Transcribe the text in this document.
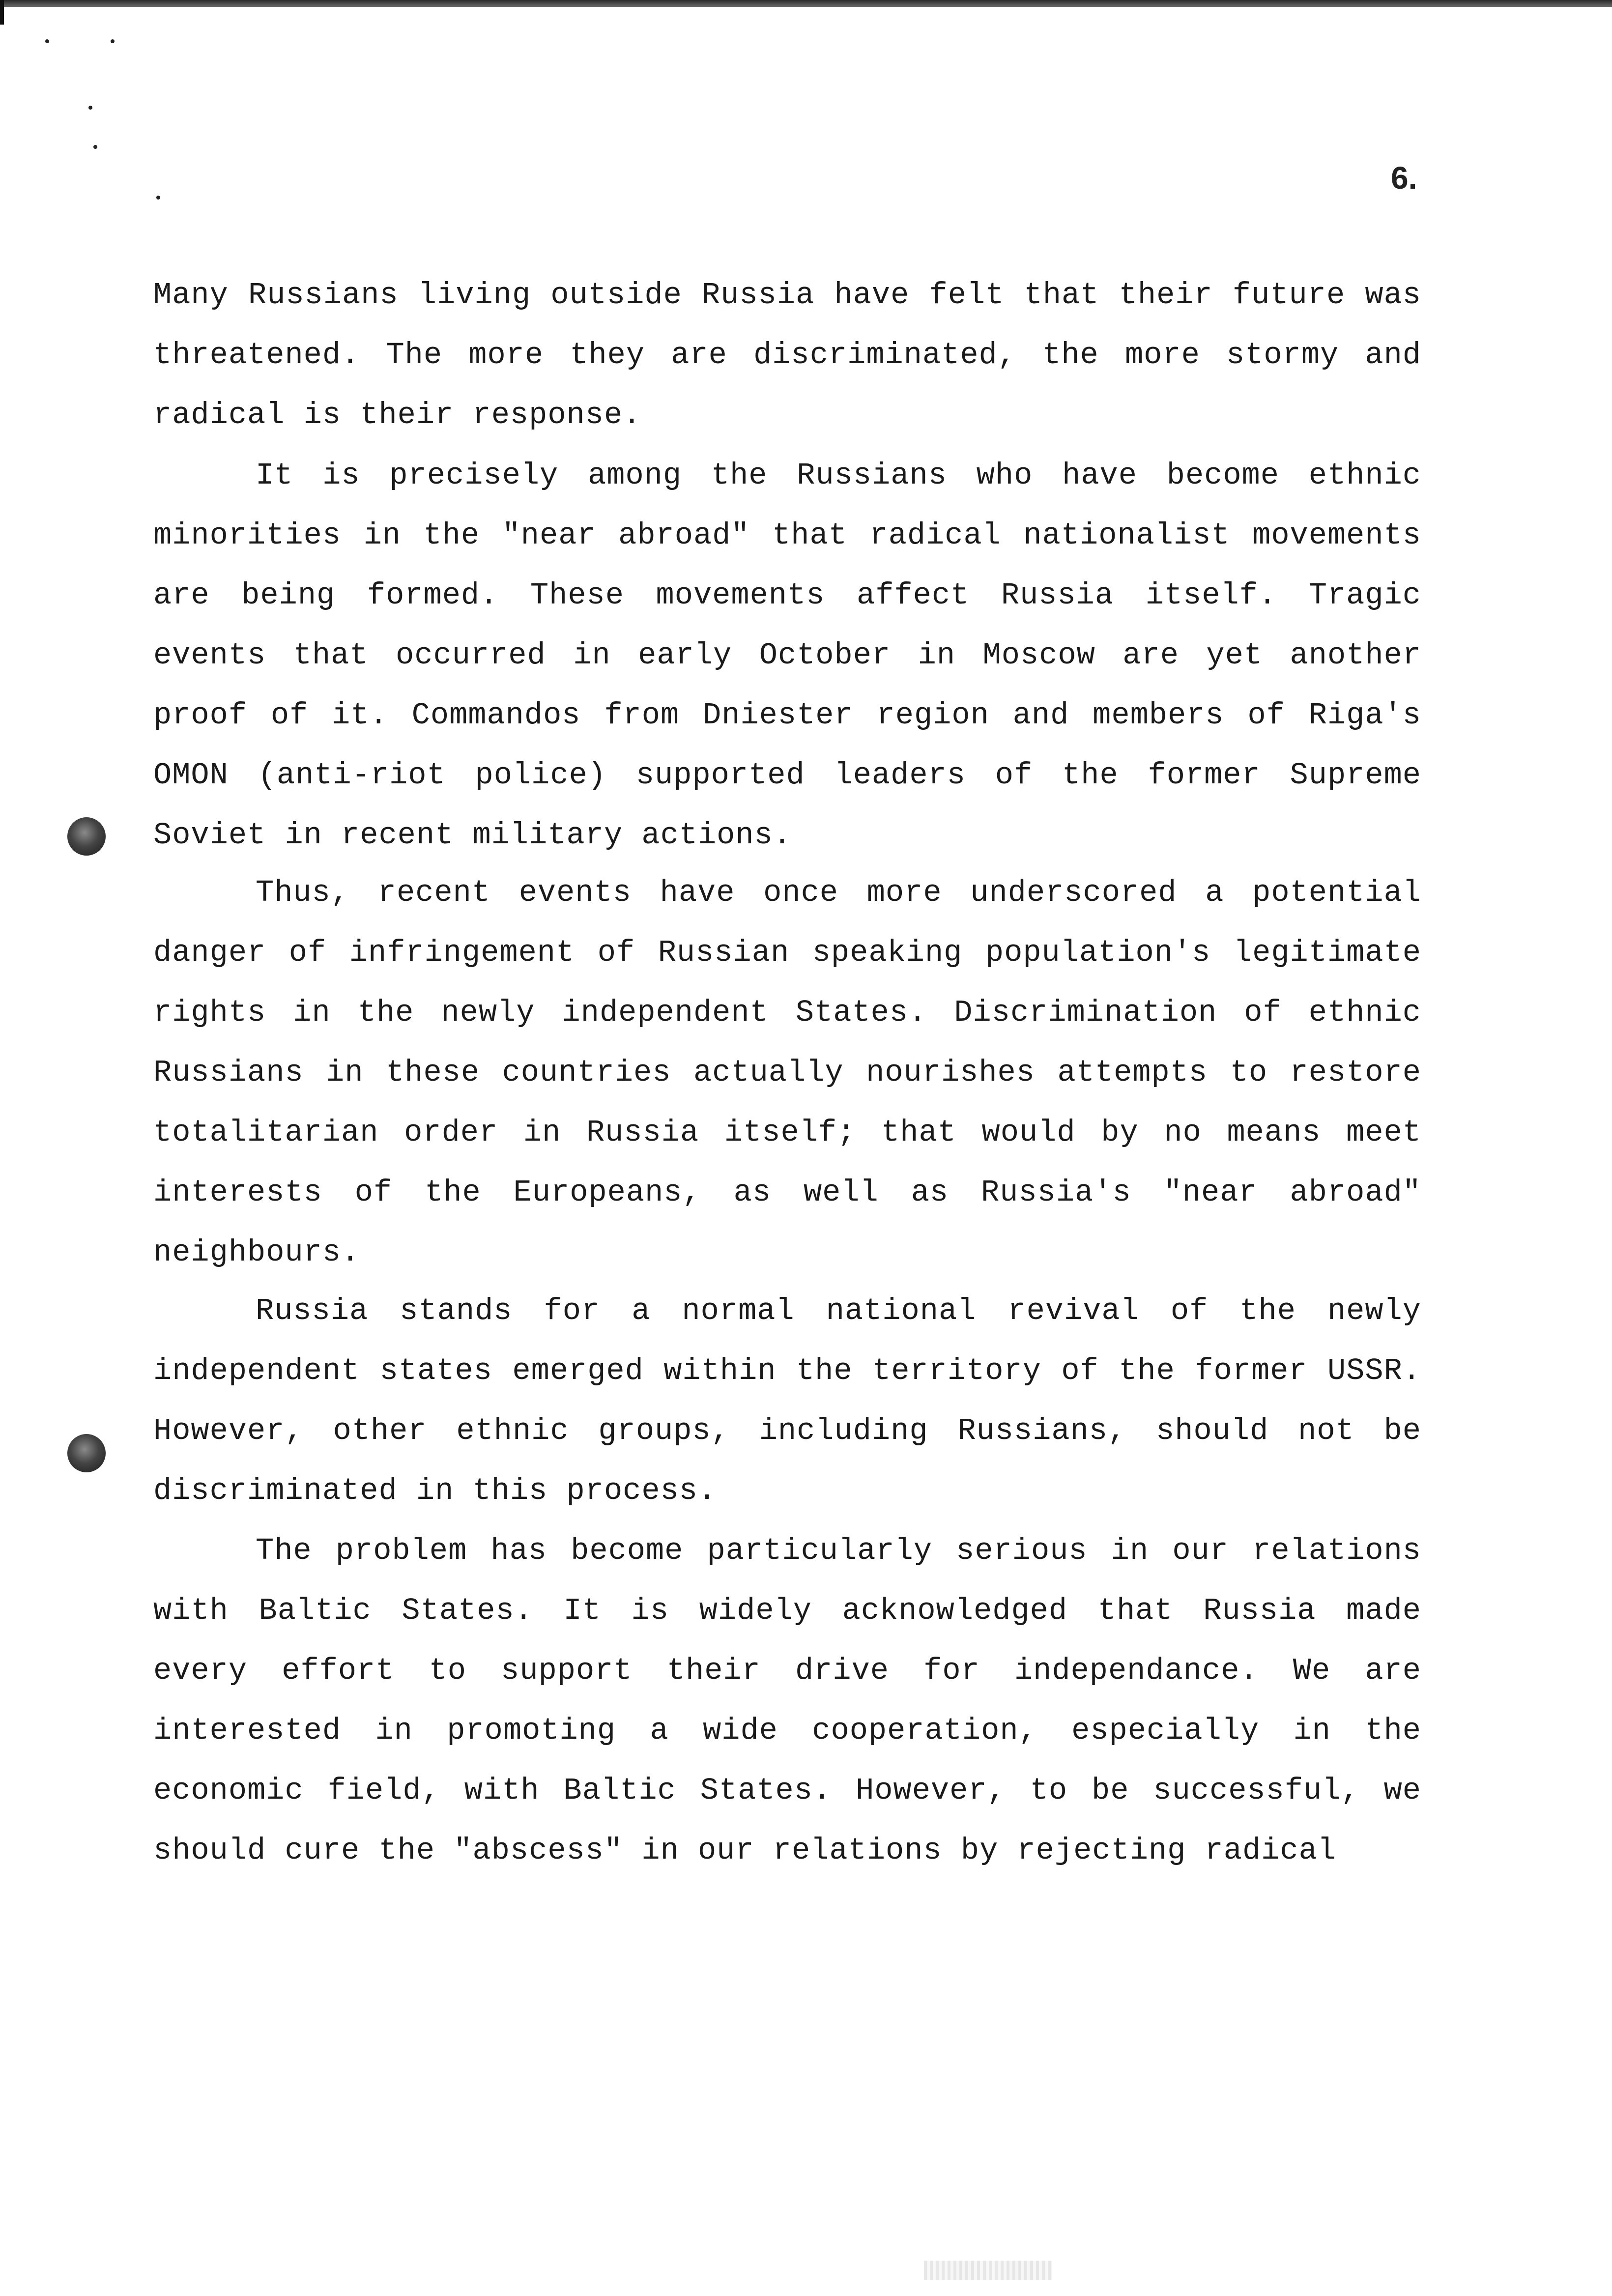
6.

Many Russians living outside Russia have felt that their future was threatened. The more they are discriminated, the more stormy and radical is their response.

It is precisely among the Russians who have become ethnic minorities in the "near abroad" that radical nationalist movements are being formed. These movements affect Russia itself. Tragic events that occurred in early October in Moscow are yet another proof of it. Commandos from Dniester region and members of Riga's OMON (anti-riot police) supported leaders of the former Supreme Soviet in recent military actions.

Thus, recent events have once more underscored a potential danger of infringement of Russian speaking population's legitimate rights in the newly independent States. Discrimination of ethnic Russians in these countries actually nourishes attempts to restore totalitarian order in Russia itself; that would by no means meet interests of the Europeans, as well as Russia's "near abroad" neighbours.

Russia stands for a normal national revival of the newly independent states emerged within the territory of the former USSR. However, other ethnic groups, including Russians, should not be discriminated in this process.

The problem has become particularly serious in our relations with Baltic States. It is widely acknowledged that Russia made every effort to support their drive for independance. We are interested in promoting a wide cooperation, especially in the economic field, with Baltic States. However, to be successful, we should cure the "abscess" in our relations by rejecting radical
